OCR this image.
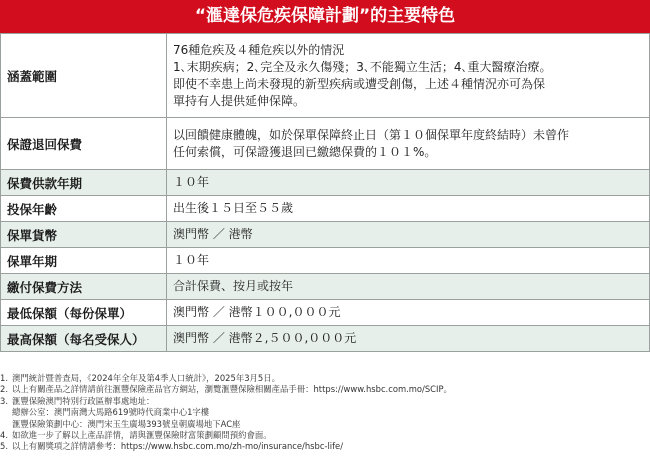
“滙達保危疾保障計劃”的主要特色
涵蓋範圍	76種危疾及４種危疾以外的情況
1､末期疾病；2､完全及永久傷殘；3､不能獨立生活；4､重大醫療治療。
即使不幸患上尚未發現的新型疾病或遭受創傷，上述４種情況亦可為保
單持有人提供延伸保障。

保證退回保費	以回饋健康體魄，如於保單保障終止日（第１０個保單年度終結時）未曾作
任何索償，可保證獲退回已繳總保費的１０１%。

保費供款年期	１０年

投保年齡	出生後１５日至５５歲

保單貨幣	澳門幣 ／ 港幣

保單年期	１０年

繳付保費方法	合計保費、按月或按年

最低保額（每份保單）	澳門幣 ／ 港幣１００,０００元

最高保額（每名受保人）	澳門幣 ／ 港幣２,５００,０００元
1. 澳門統計暨普查局，《2024年全年及第4季人口統計》，2025年3月5日。
2. 以上有關產品之詳情請前往滙豐保險產品官方網站，瀏覽滙豐保險相關產品手冊：https://www.hsbc.com.mo/SCIP。
3. 滙豐保險澳門特別行政區辦事處地址：
總辦公室：澳門南灣大馬路619號時代商業中心1字樓
滙豐保險策劃中心：澳門宋玉生廣場393號皇朝廣場地下AC座
4. 如欲進一步了解以上產品詳情，請與滙豐保險財富策劃顧問預約會面。
5. 以上有關獎項之詳情請參考：https://www.hsbc.com.mo/zh-mo/insurance/hsbc-life/
